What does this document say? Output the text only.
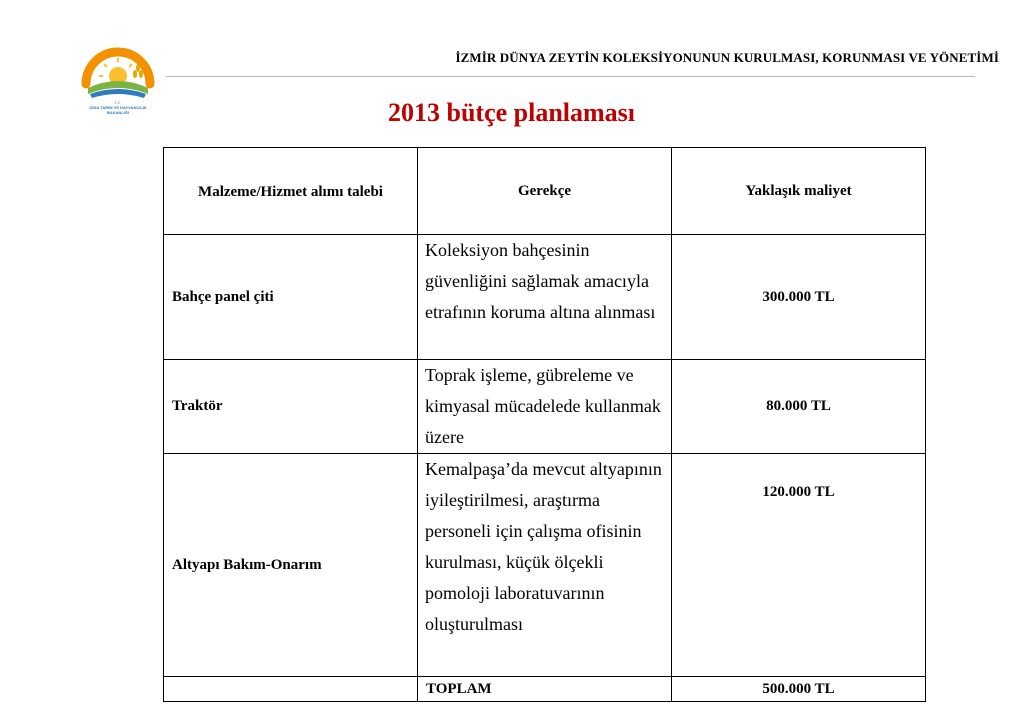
T.C.
GIDA TARIM VE HAYVANCILIK
BAKANLIĞI
İZMİR DÜNYA ZEYTİN KOLEKSİYONUNUN KURULMASI, KORUNMASI VE YÖNETİMİ
2013 bütçe planlaması
Malzeme/Hizmet alımı talebi	Gerekçe	Yaklaşık maliyet
Bahçe panel çiti	Koleksiyon bahçesinin güvenliğini sağlamak amacıyla etrafının koruma altına alınması	300.000 TL
Traktör	Toprak işleme, gübreleme ve kimyasal mücadelede kullanmak üzere	80.000 TL
Altyapı Bakım-Onarım	Kemalpaşa’da mevcut altyapının iyileştirilmesi, araştırma personeli için çalışma ofisinin kurulması, küçük ölçekli pomoloji laboratuvarının oluşturulması	120.000 TL
	TOPLAM	500.000 TL
